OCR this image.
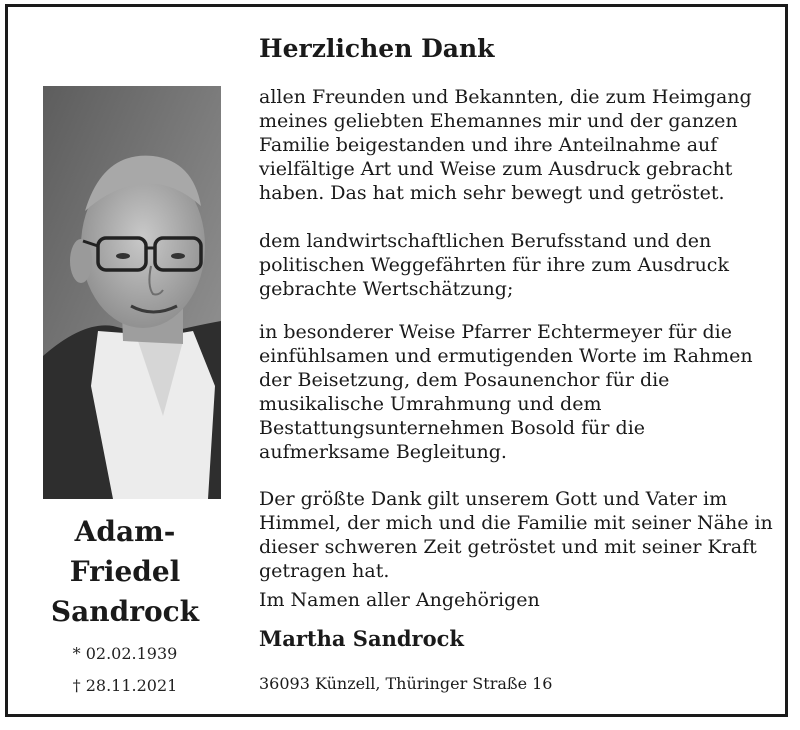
Adam-
Friedel
Sandrock
* 02.02.1939
† 28.11.2021
Herzlichen Dank
allen Freunden und Bekannten, die zum Heimgang
meines geliebten Ehemannes mir und der ganzen
Familie beigestanden und ihre Anteilnahme auf
vielfältige Art und Weise zum Ausdruck gebracht
haben. Das hat mich sehr bewegt und getröstet.
dem landwirtschaftlichen Berufsstand und den
politischen Weggefährten für ihre zum Ausdruck
gebrachte Wertschätzung;
in besonderer Weise Pfarrer Echtermeyer für die
einfühlsamen und ermutigenden Worte im Rahmen
der Beisetzung, dem Posaunenchor für die
musikalische Umrahmung und dem
Bestattungsunternehmen Bosold für die
aufmerksame Begleitung.
Der größte Dank gilt unserem Gott und Vater im
Himmel, der mich und die Familie mit seiner Nähe in
dieser schweren Zeit getröstet und mit seiner Kraft
getragen hat.
Im Namen aller Angehörigen
Martha Sandrock
36093 Künzell, Thüringer Straße 16
